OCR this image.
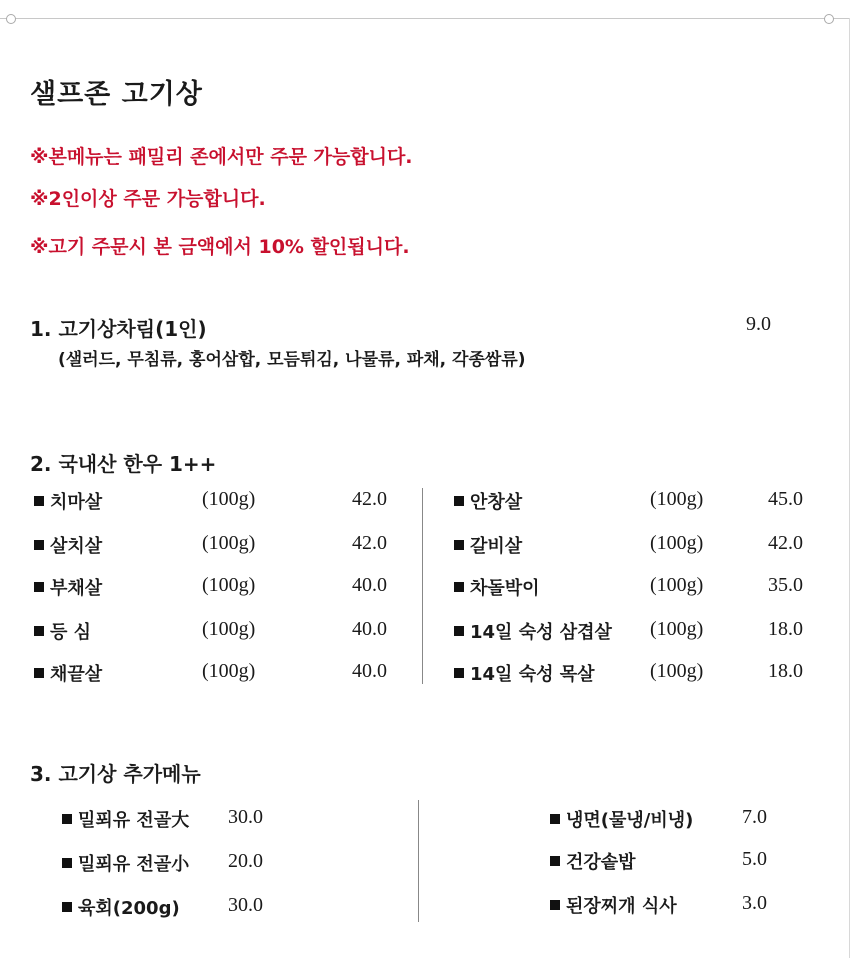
샐프존 고기상
※본메뉴는 패밀리 존에서만 주문 가능합니다.
※2인이상 주문 가능합니다.
※고기 주문시 본 금액에서 10% 할인됩니다.
1. 고기상차림(1인)	9.0
(샐러드, 무침류, 홍어삼합, 모듬튀김, 나물류, 파채, 각종쌈류)
2. 국내산 한우 1++
치마살	(100g)	42.0
살치살	(100g)	42.0
부채살	(100g)	40.0
등 심	(100g)	40.0
채끝살	(100g)	40.0
안창살	(100g)	45.0
갈비살	(100g)	42.0
차돌박이	(100g)	35.0
14일 숙성 삼겹살 (100g)	18.0
14일 숙성 목살	(100g)	18.0
3. 고기상 추가메뉴
밀푀유 전골大 30.0
밀푀유 전골小 20.0
육회(200g) 30.0
냉면(물냉/비냉) 7.0
건강솥밥	5.0
된장찌개 식사	3.0
